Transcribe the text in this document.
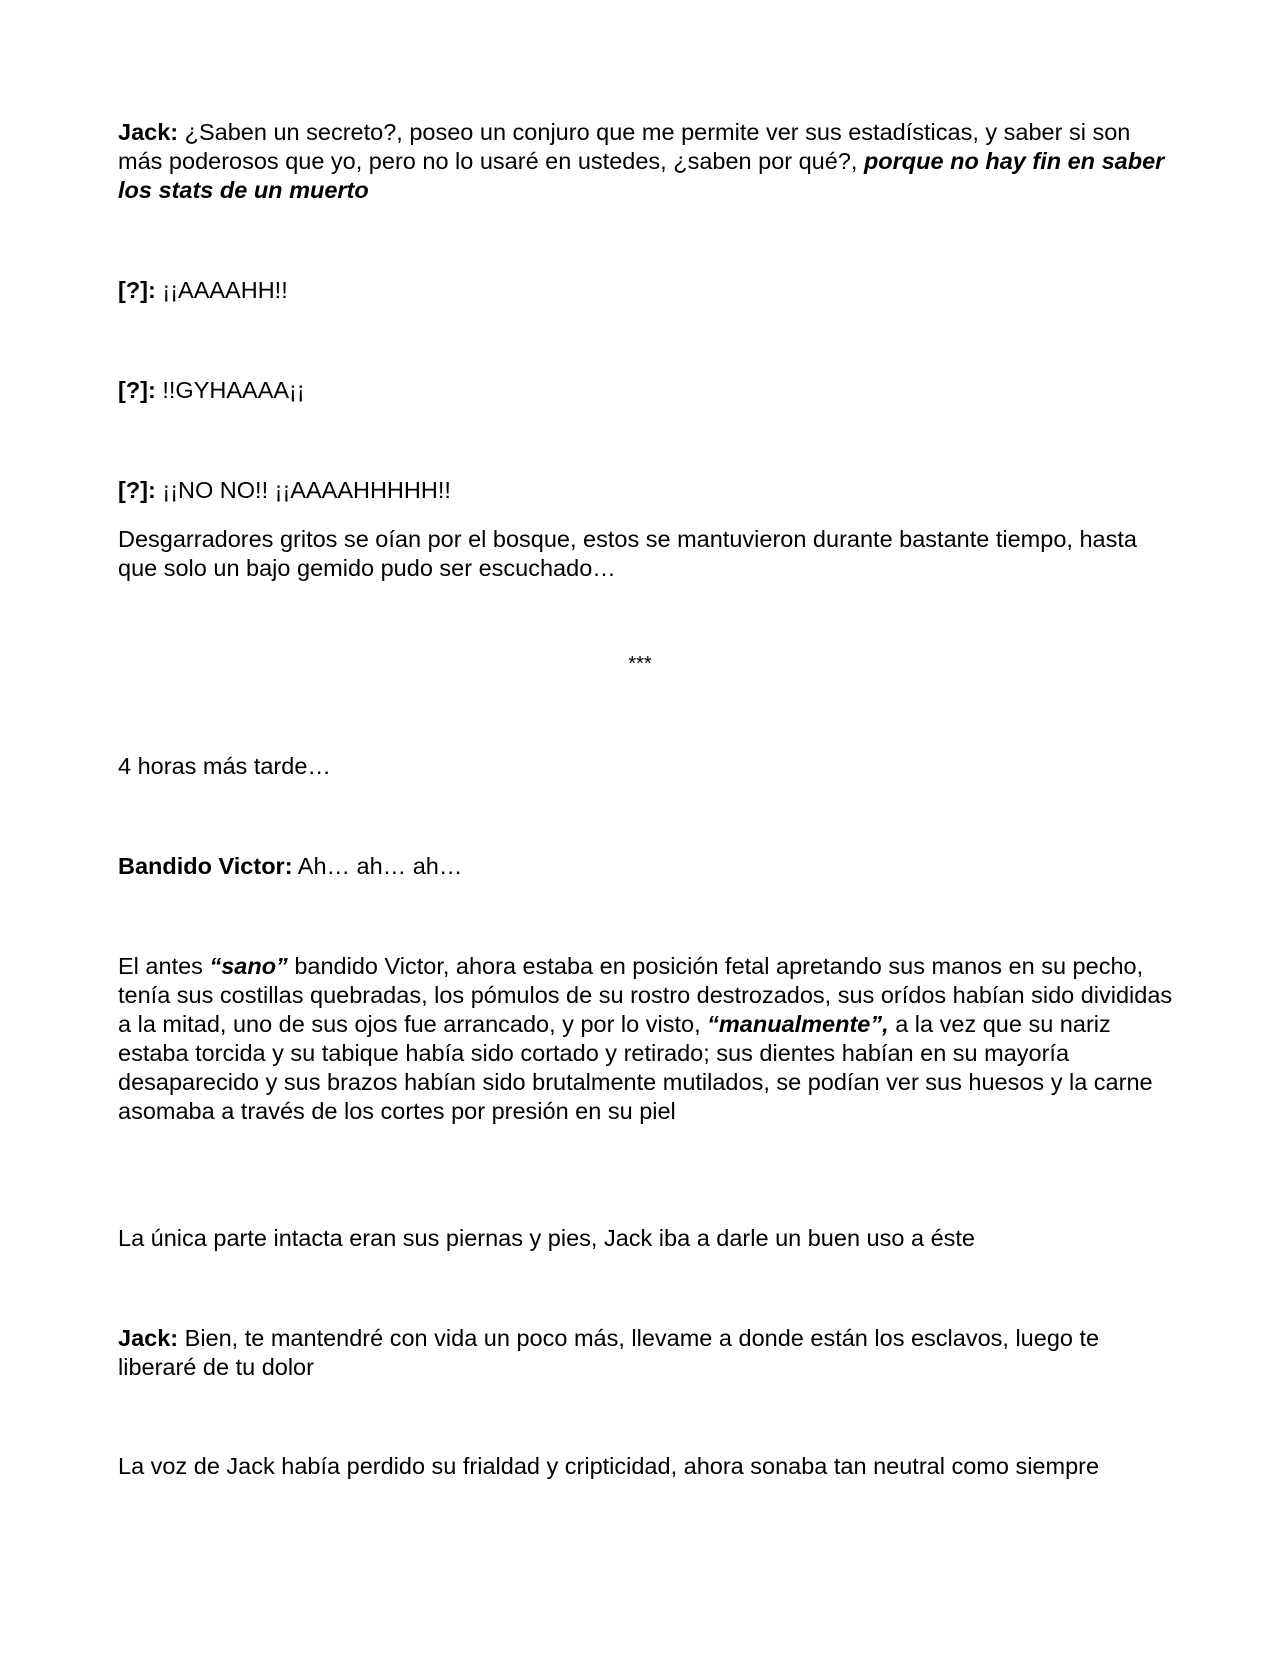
Jack: ¿Saben un secreto?, poseo un conjuro que me permite ver sus estadísticas, y saber si son más poderosos que yo, pero no lo usaré en ustedes, ¿saben por qué?, porque no hay fin en saber los stats de un muerto

[?]: ¡¡AAAAHH!!

[?]: !!GYHAAAA¡¡

[?]: ¡¡NO NO!! ¡¡AAAAHHHHH!!

Desgarradores gritos se oían por el bosque, estos se mantuvieron durante bastante tiempo, hasta que solo un bajo gemido pudo ser escuchado…

***

4 horas más tarde…

Bandido Victor: Ah… ah… ah…

El antes “sano” bandido Victor, ahora estaba en posición fetal apretando sus manos en su pecho, tenía sus costillas quebradas, los pómulos de su rostro destrozados, sus orídos habían sido divididas a la mitad, uno de sus ojos fue arrancado, y por lo visto, “manualmente”, a la vez que su nariz estaba torcida y su tabique había sido cortado y retirado; sus dientes habían en su mayoría desaparecido y sus brazos habían sido brutalmente mutilados, se podían ver sus huesos y la carne asomaba a través de los cortes por presión en su piel

La única parte intacta eran sus piernas y pies, Jack iba a darle un buen uso a éste

Jack: Bien, te mantendré con vida un poco más, llevame a donde están los esclavos, luego te liberaré de tu dolor

La voz de Jack había perdido su frialdad y cripticidad, ahora sonaba tan neutral como siempre
